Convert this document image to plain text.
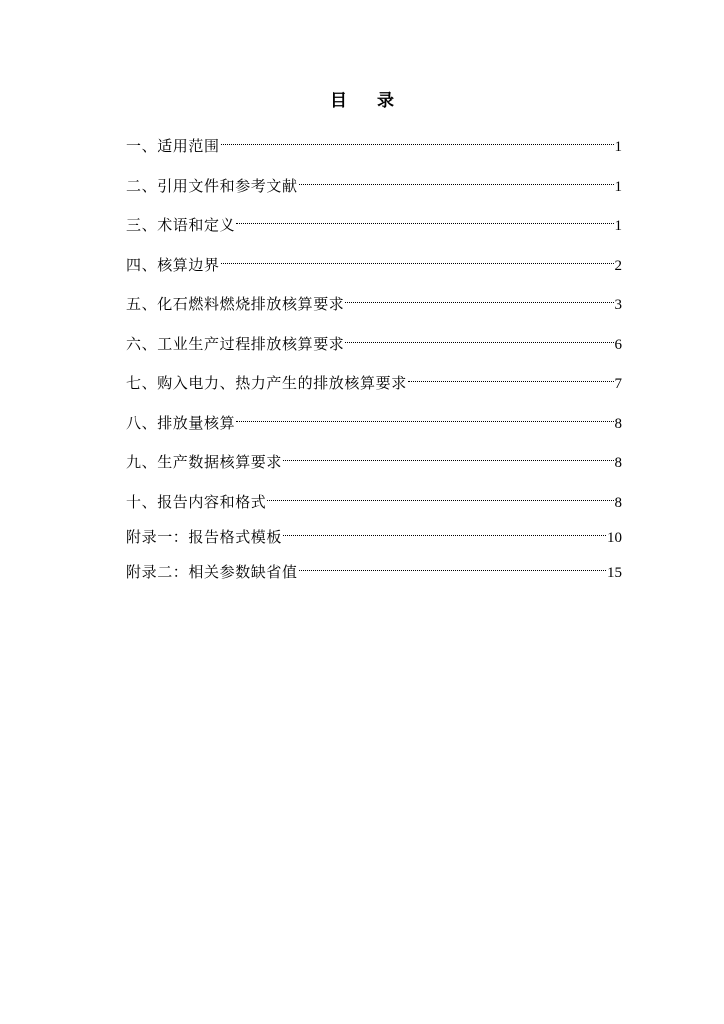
目 录
一、适用范围	1
二、引用文件和参考文献	1
三、术语和定义	1
四、核算边界	2
五、化石燃料燃烧排放核算要求	3
六、工业生产过程排放核算要求	6
七、购入电力、热力产生的排放核算要求	7
八、排放量核算	8
九、生产数据核算要求	8
十、报告内容和格式	8
附录一：报告格式模板	10
附录二：相关参数缺省值	15
